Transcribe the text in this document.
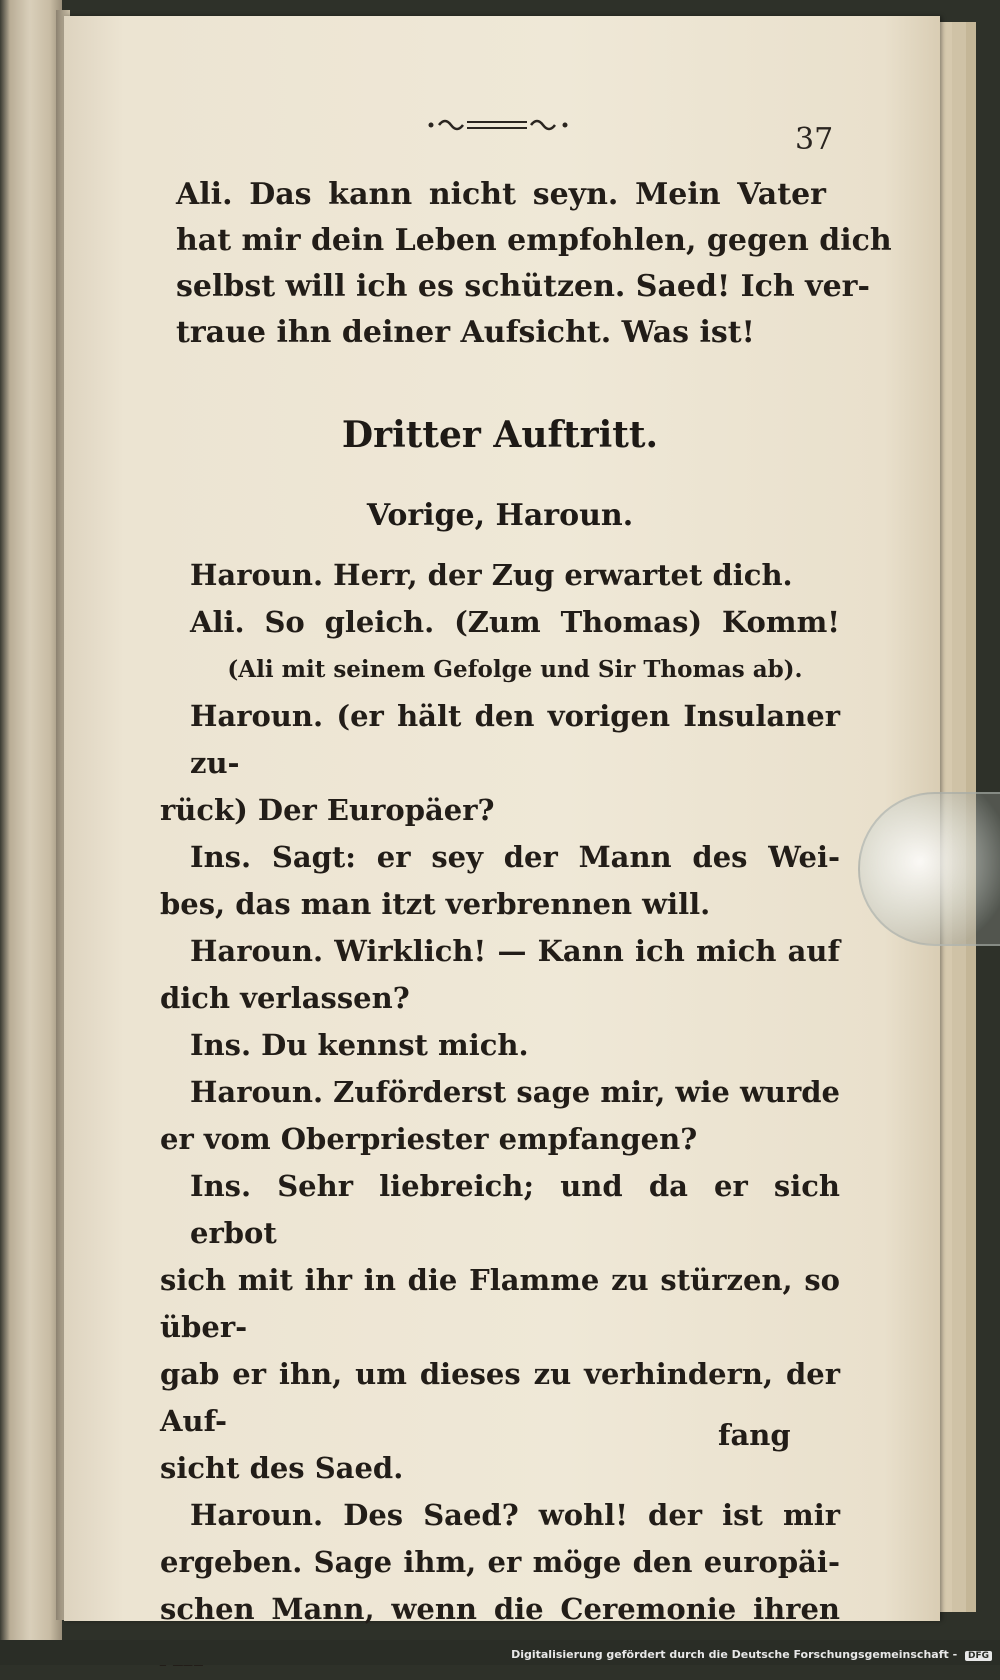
37
Ali. Das kann nicht seyn. Mein Vater
hat mir dein Leben empfohlen, gegen dich
selbst will ich es schützen. Saed! Ich ver-
traue ihn deiner Aufsicht. Was ist!
Dritter Auftritt.
Vorige, Haroun.
Haroun. Herr, der Zug erwartet dich.
Ali. So gleich. (Zum Thomas) Komm!
(Ali mit seinem Gefolge und Sir Thomas ab).
Haroun. (er hält den vorigen Insulaner zu-
rück) Der Europäer?
Ins. Sagt: er sey der Mann des Wei-
bes, das man itzt verbrennen will.
Haroun. Wirklich! — Kann ich mich auf
dich verlassen?
Ins. Du kennst mich.
Haroun. Zuförderst sage mir, wie wurde
er vom Oberpriester empfangen?
Ins. Sehr liebreich; und da er sich erbot
sich mit ihr in die Flamme zu stürzen, so über-
gab er ihn, um dieses zu verhindern, der Auf-
sicht des Saed.
Haroun. Des Saed? wohl! der ist mir
ergeben. Sage ihm, er möge den europäi-
schen Mann, wenn die Ceremonie ihren
fang
Digitalisierung gefördert durch die Deutsche Forschungsgemeinschaft - DFG
